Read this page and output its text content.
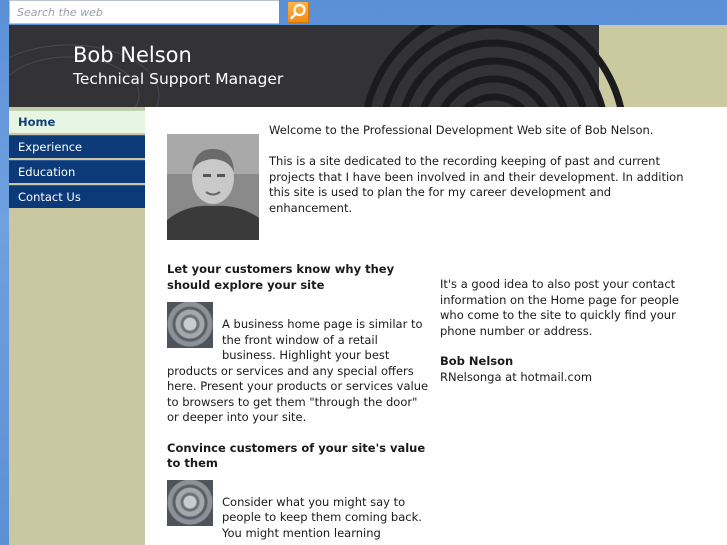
Search the web
Bob Nelson
Technical Support Manager
Home
Experience
Education
Contact Us
Welcome to the Professional Development Web site of Bob Nelson.
This is a site dedicated to the recording keeping of past and current projects that I have been involved in and their development. In addition this site is used to plan the for my career development and enhancement.
Let your customers know why they should explore your site
A business home page is similar to the front window of a retail business. Highlight your best products or services and any special offers here. Present your products or services value to browsers to get them "through the door" or deeper into your site.
Convince customers of your site's value to them
Consider what you might say to people to keep them coming back. You might mention learning
It's a good idea to also post your contact information on the Home page for people who come to the site to quickly find your phone number or address.
Bob Nelson
RNelsonga at hotmail.com
